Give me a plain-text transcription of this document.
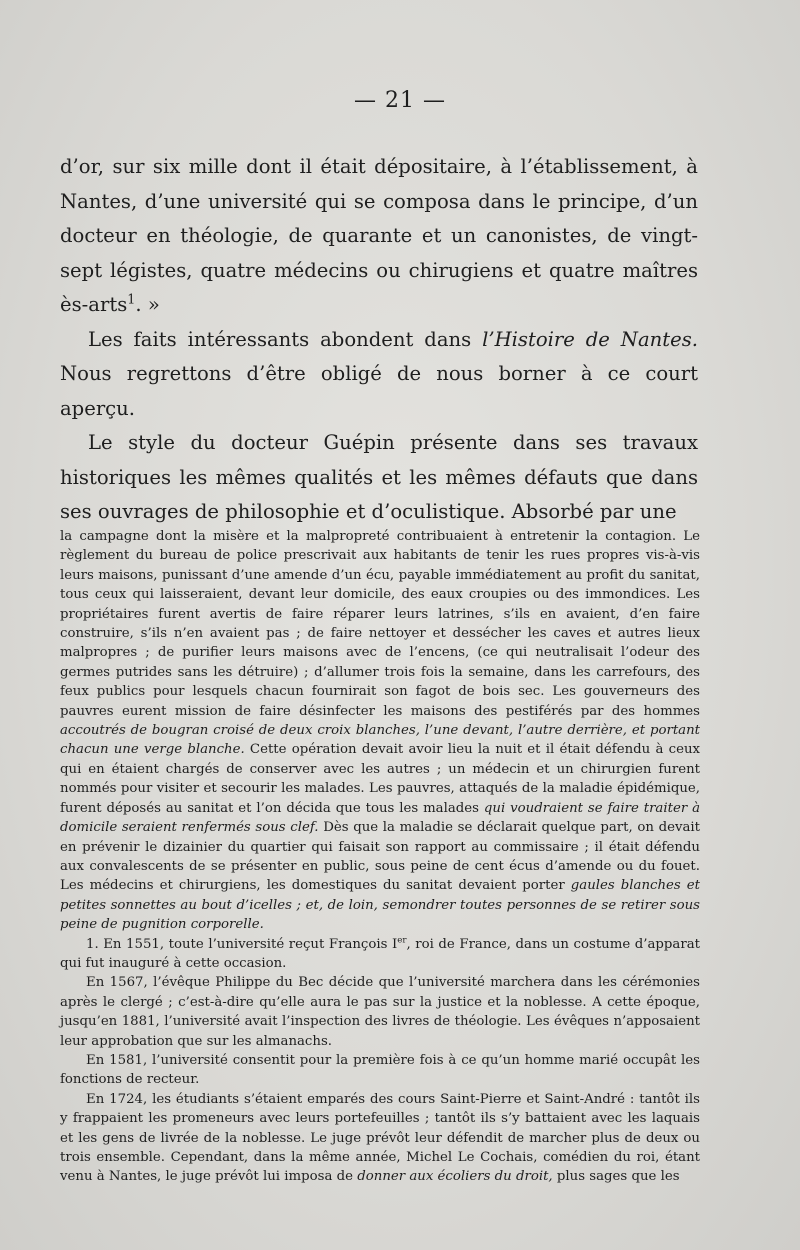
— 21 —

d’or, sur six mille dont il était dépositaire, à l’établissement, à Nantes, d’une université qui se composa dans le principe, d’un docteur en théologie, de quarante et un canonistes, de vingt-sept légistes, quatre médecins ou chirugiens et quatre maîtres ès-arts$^1$. »

Les faits intéressants abondent dans l’Histoire de Nantes. Nous regrettons d’être obligé de nous borner à ce court aperçu.

Le style du docteur Guépin présente dans ses travaux historiques les mêmes qualités et les mêmes défauts que dans ses ouvrages de philosophie et d’oculistique. Absorbé par une

la campagne dont la misère et la malpropreté contribuaient à entretenir la contagion. Le règlement du bureau de police prescrivait aux habitants de tenir les rues propres vis-à-vis leurs maisons, punissant d’une amende d’un écu, payable immédiatement au profit du sanitat, tous ceux qui laisseraient, devant leur domicile, des eaux croupies ou des immondices. Les propriétaires furent avertis de faire réparer leurs latrines, s’ils en avaient, d’en faire construire, s’ils n’en avaient pas ; de faire nettoyer et dessécher les caves et autres lieux malpropres ; de purifier leurs maisons avec de l’encens, (ce qui neutralisait l’odeur des germes putrides sans les détruire) ; d’allumer trois fois la semaine, dans les carrefours, des feux publics pour lesquels chacun fournirait son fagot de bois sec. Les gouverneurs des pauvres eurent mission de faire désinfecter les maisons des pestiférés par des hommes accoutrés de bougran croisé de deux croix blanches, l’une devant, l’autre derrière, et portant chacun une verge blanche. Cette opération devait avoir lieu la nuit et il était défendu à ceux qui en étaient chargés de conserver avec les autres ; un médecin et un chirurgien furent nommés pour visiter et secourir les malades. Les pauvres, attaqués de la maladie épidémique, furent déposés au sanitat et l’on décida que tous les malades qui voudraient se faire traiter à domicile seraient renfermés sous clef. Dès que la maladie se déclarait quelque part, on devait en prévenir le dizainier du quartier qui faisait son rapport au commissaire ; il était défendu aux convalescents de se présenter en public, sous peine de cent écus d’amende ou du fouet. Les médecins et chirurgiens, les domestiques du sanitat devaient porter gaules blanches et petites sonnettes au bout d’icelles ; et, de loin, semondrer toutes personnes de se retirer sous peine de pugnition corporelle.

1. En 1551, toute l’université reçut François Ier, roi de France, dans un costume d’apparat qui fut inauguré à cette occasion.

En 1567, l’évêque Philippe du Bec décide que l’université marchera dans les cérémonies après le clergé ; c’est-à-dire qu’elle aura le pas sur la justice et la noblesse. A cette époque, jusqu’en 1881, l’université avait l’inspection des livres de théologie. Les évêques n’apposaient leur approbation que sur les almanachs.

En 1581, l’université consentit pour la première fois à ce qu’un homme marié occupât les fonctions de recteur.

En 1724, les étudiants s’étaient emparés des cours Saint-Pierre et Saint-André : tantôt ils y frappaient les promeneurs avec leurs portefeuilles ; tantôt ils s’y battaient avec les laquais et les gens de livrée de la noblesse. Le juge prévôt leur défendit de marcher plus de deux ou trois ensemble. Cependant, dans la même année, Michel Le Cochais, comédien du roi, étant venu à Nantes, le juge prévôt lui imposa de donner aux écoliers du droit, plus sages que les
